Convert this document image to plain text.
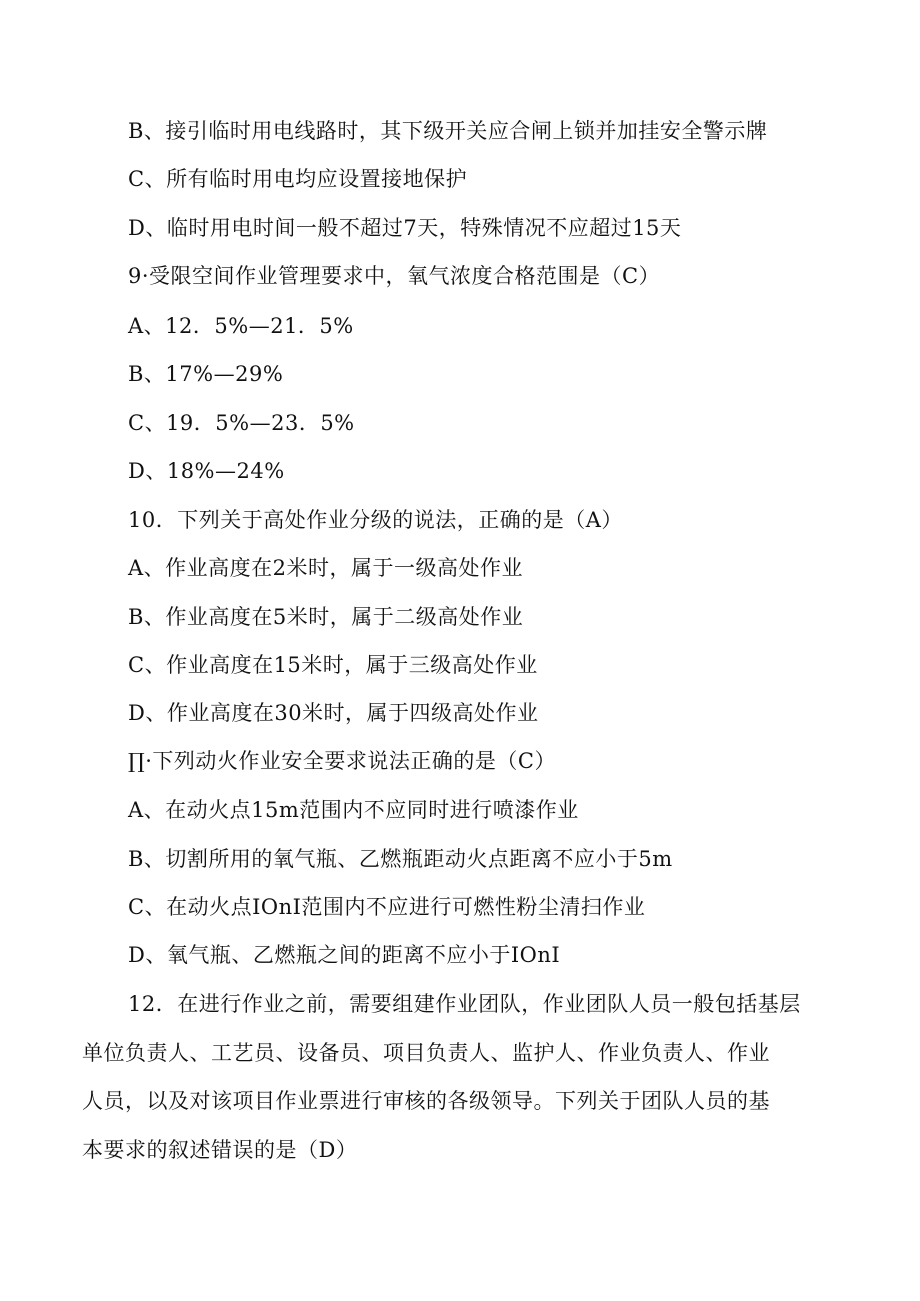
B、接引临时用电线路时，其下级开关应合闸上锁并加挂安全警示牌
C、所有临时用电均应设置接地保护
D、临时用电时间一般不超过7天，特殊情况不应超过15天
9·受限空间作业管理要求中，氧气浓度合格范围是（C）
A、12．5%—21．5%
B、17%—29%
C、19．5%—23．5%
D、18%—24%
10．下列关于高处作业分级的说法，正确的是（A）
A、作业高度在2米时，属于一级高处作业
B、作业高度在5米时，属于二级高处作业
C、作业高度在15米时，属于三级高处作业
D、作业高度在30米时，属于四级高处作业
∏·下列动火作业安全要求说法正确的是（C）
A、在动火点15m范围内不应同时进行喷漆作业
B、切割所用的氧气瓶、乙燃瓶距动火点距离不应小于5m
C、在动火点IOnI范围内不应进行可燃性粉尘清扫作业
D、氧气瓶、乙燃瓶之间的距离不应小于IOnI
12．在进行作业之前，需要组建作业团队，作业团队人员一般包括基层
单位负责人、工艺员、设备员、项目负责人、监护人、作业负责人、作业
人员，以及对该项目作业票进行审核的各级领导。下列关于团队人员的基
本要求的叙述错误的是（D）
